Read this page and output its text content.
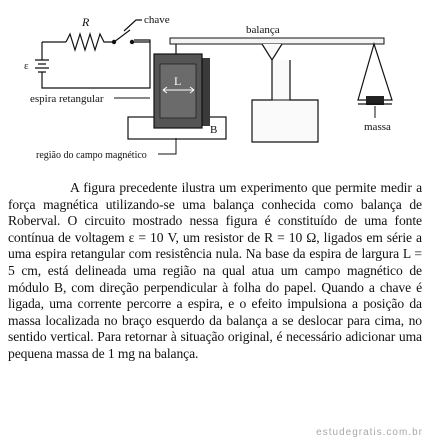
R	chave
ε
balança
L
espira retangular
B	massa
região do campo magnético

A figura precedente ilustra um experimento que permite medir a força magnética utilizando-se uma balança conhecida como balança de Roberval. O circuito mostrado nessa figura é constituído de uma fonte contínua de voltagem ε = 10 V, um resistor de R = 10 Ω, ligados em série a uma espira retangular com resistência nula. Na base da espira de largura L = 5 cm, está delineada uma região na qual atua um campo magnético de módulo B, com direção perpendicular à folha do papel. Quando a chave é ligada, uma corrente percorre a espira, e o efeito impulsiona a posição da massa localizada no braço esquerdo da balança a se deslocar para cima, no sentido vertical. Para retornar à situação original, é necessário adicionar uma pequena massa de 1 mg na balança.

estudegratis.com.br
